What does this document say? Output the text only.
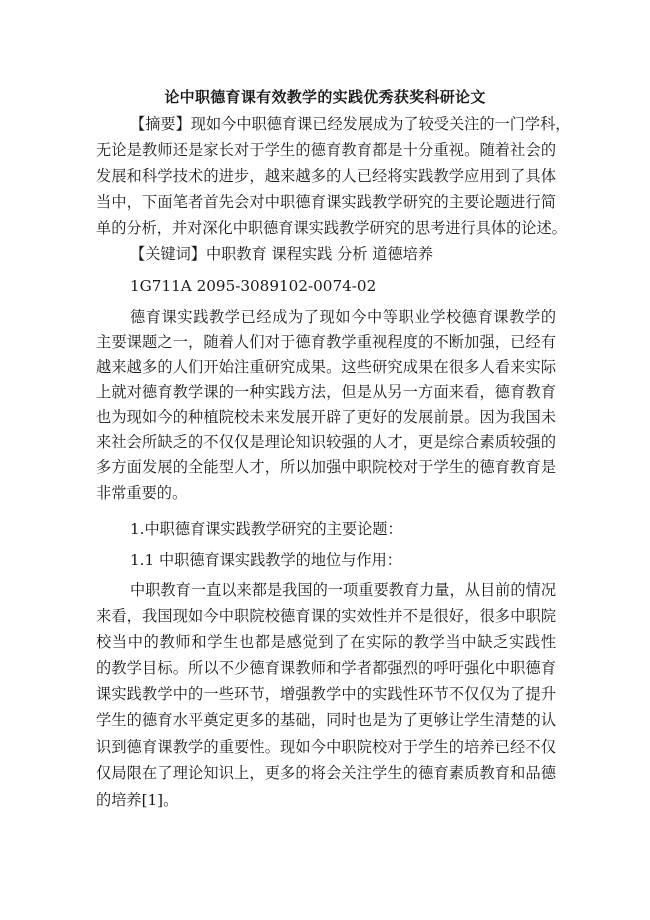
论中职德育课有效教学的实践优秀获奖科研论文
【摘要】现如今中职德育课已经发展成为了较受关注的一门学科，
无论是教师还是家长对于学生的德育教育都是十分重视。随着社会的
发展和科学技术的进步，越来越多的人已经将实践教学应用到了具体
当中，下面笔者首先会对中职德育课实践教学研究的主要论题进行简
单的分析，并对深化中职德育课实践教学研究的思考进行具体的论述。
【关键词】中职教育 课程实践 分析 道德培养
1G711A 2095-3089102-0074-02
德育课实践教学已经成为了现如今中等职业学校德育课教学的
主要课题之一，随着人们对于德育教学重视程度的不断加强，已经有
越来越多的人们开始注重研究成果。这些研究成果在很多人看来实际
上就对德育教学课的一种实践方法，但是从另一方面来看，德育教育
也为现如今的种植院校未来发展开辟了更好的发展前景。因为我国未
来社会所缺乏的不仅仅是理论知识较强的人才，更是综合素质较强的
多方面发展的全能型人才，所以加强中职院校对于学生的德育教育是
非常重要的。
1.中职德育课实践教学研究的主要论题：
1.1 中职德育课实践教学的地位与作用：
中职教育一直以来都是我国的一项重要教育力量，从目前的情况
来看，我国现如今中职院校德育课的实效性并不是很好，很多中职院
校当中的教师和学生也都是感觉到了在实际的教学当中缺乏实践性
的教学目标。所以不少德育课教师和学者都强烈的呼吁强化中职德育
课实践教学中的一些环节，增强教学中的实践性环节不仅仅为了提升
学生的德育水平奠定更多的基础，同时也是为了更够让学生清楚的认
识到德育课教学的重要性。现如今中职院校对于学生的培养已经不仅
仅局限在了理论知识上，更多的将会关注学生的德育素质教育和品德
的培养[1]。
